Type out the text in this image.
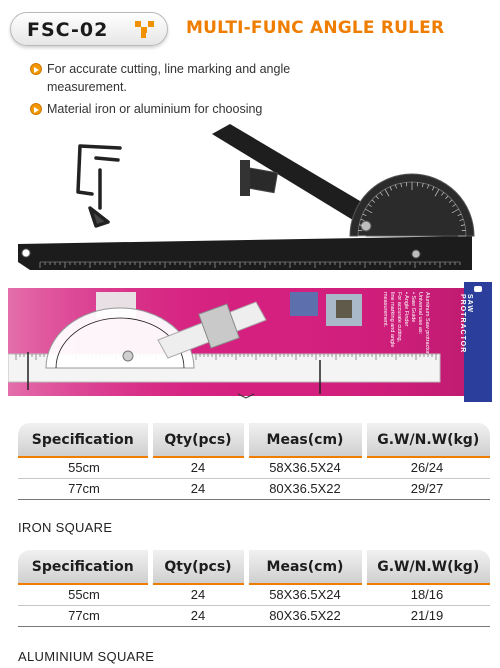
FSC-02	MULTI-FUNC ANGLE RULER
For accurate cutting, line marking and angle measurement.
Material iron or aluminium for choosing
SAW PROTRACTOR
Aluminum Saw protractor
Universal use as:
• Saw Guide
• Angle Finder
For accurate cutting,
line marking and angle
measurement.
Specification	Qty(pcs)	Meas(cm)	G.W/N.W(kg)
55cm	24	58X36.5X24	26/24
77cm	24	80X36.5X22	29/27
IRON SQUARE
Specification	Qty(pcs)	Meas(cm)	G.W/N.W(kg)
55cm	24	58X36.5X24	18/16
77cm	24	80X36.5X22	21/19
ALUMINIUM SQUARE
